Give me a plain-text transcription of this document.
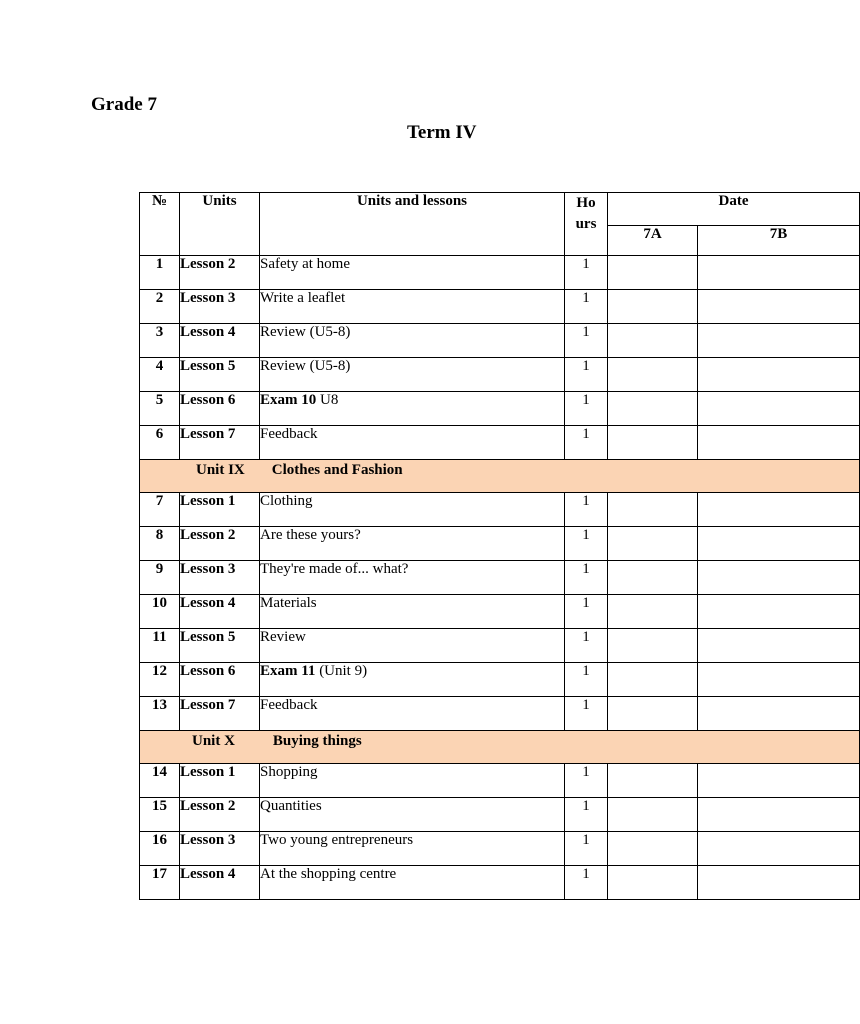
Grade 7
Term IV
№	Units	Units and lessons	Ho
urs	Date	
				7A	7B
1	Lesson 2	Safety at home	1		
2	Lesson 3	Write a leaflet	1		
3	Lesson 4	Review (U5-8)	1		
4	Lesson 5	Review (U5-8)	1		
5	Lesson 6	Exam 10 U8	1		
6	Lesson 7	Feedback	1		
Unit IX Clothes and Fashion					
7	Lesson 1	Clothing	1		
8	Lesson 2	Are these yours?	1		
9	Lesson 3	They're made of... what?	1		
10	Lesson 4	Materials	1		
11	Lesson 5	Review	1		
12	Lesson 6	Exam 11 (Unit 9)	1		
13	Lesson 7	Feedback	1		
Unit X Buying things					
14	Lesson 1	Shopping	1		
15	Lesson 2	Quantities	1		
16	Lesson 3	Two young entrepreneurs	1		
17	Lesson 4	At the shopping centre	1		
